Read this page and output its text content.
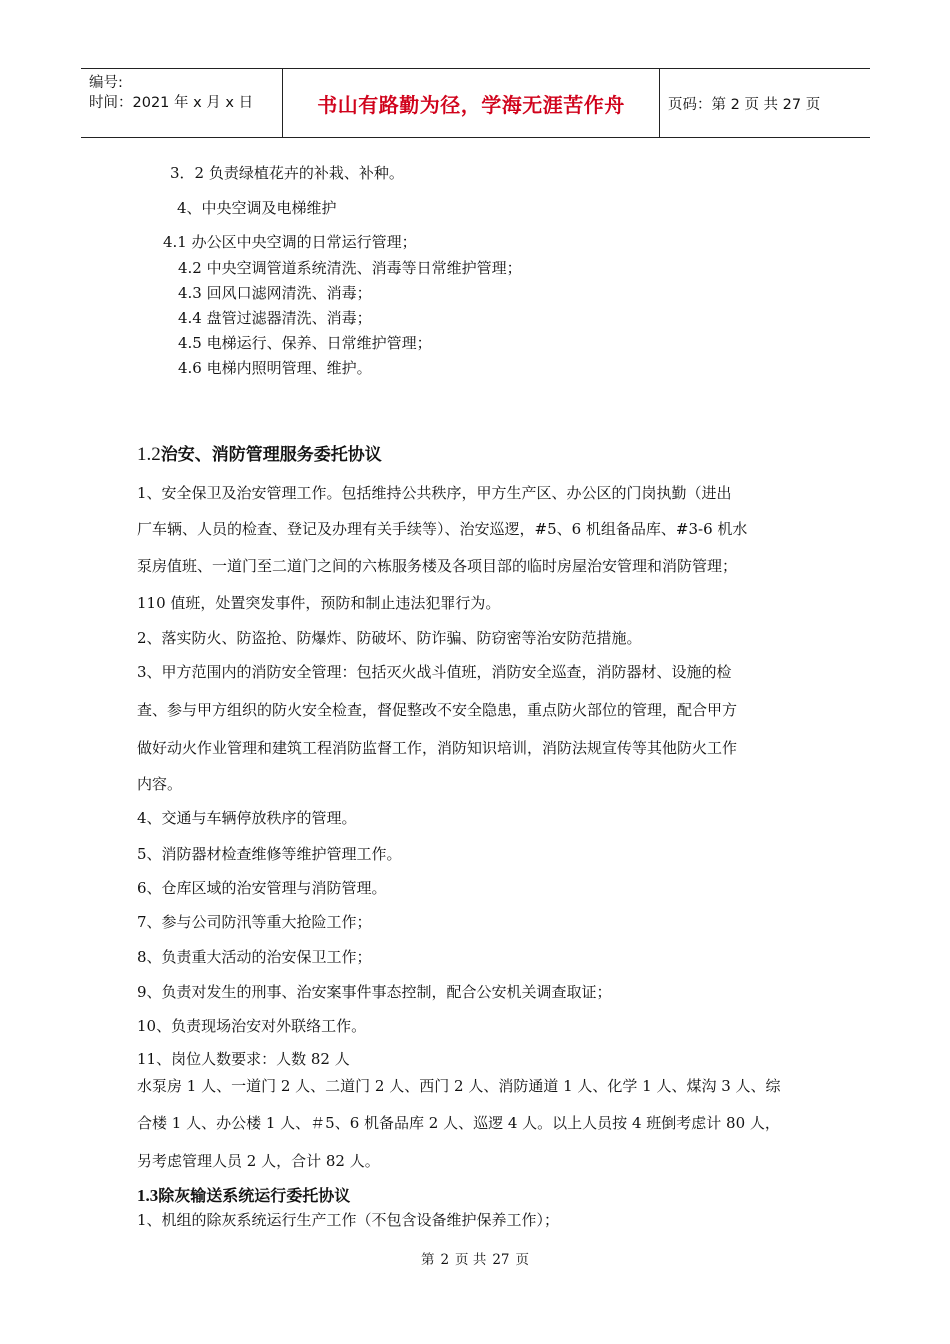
编号:
时间：2021 年 x 月 x 日	书山有路勤为径，学海无涯苦作舟	页码：第 2 页 共 27 页
3．2 负责绿植花卉的补栽、补种。
4、中央空调及电梯维护
4.1 办公区中央空调的日常运行管理；
4.2 中央空调管道系统清洗、消毒等日常维护管理；
4.3 回风口滤网清洗、消毒；
4.4 盘管过滤器清洗、消毒；
4.5 电梯运行、保养、日常维护管理；
4.6 电梯内照明管理、维护。
1.2治安、消防管理服务委托协议
1、安全保卫及治安管理工作。包括维持公共秩序，甲方生产区、办公区的门岗执勤（进出
厂车辆、人员的检查、登记及办理有关手续等）、治安巡逻，#5、6 机组备品库、#3-6 机水
泵房值班、一道门至二道门之间的六栋服务楼及各项目部的临时房屋治安管理和消防管理；
110 值班，处置突发事件，预防和制止违法犯罪行为。
2、落实防火、防盗抢、防爆炸、防破坏、防诈骗、防窃密等治安防范措施。
3、甲方范围内的消防安全管理：包括灭火战斗值班，消防安全巡查，消防器材、设施的检
查、参与甲方组织的防火安全检查，督促整改不安全隐患，重点防火部位的管理，配合甲方
做好动火作业管理和建筑工程消防监督工作，消防知识培训，消防法规宣传等其他防火工作
内容。
4、交通与车辆停放秩序的管理。
5、消防器材检查维修等维护管理工作。
6、仓库区域的治安管理与消防管理。
7、参与公司防汛等重大抢险工作；
8、负责重大活动的治安保卫工作；
9、负责对发生的刑事、治安案事件事态控制，配合公安机关调查取证；
10、负责现场治安对外联络工作。
11、岗位人数要求：人数 82 人
水泵房 1 人、一道门 2 人、二道门 2 人、西门 2 人、消防通道 1 人、化学 1 人、煤沟 3 人、综
合楼 1 人、办公楼 1 人、＃5、6 机备品库 2 人、巡逻 4 人。以上人员按 4 班倒考虑计 80 人，
另考虑管理人员 2 人，合计 82 人。
1.3除灰输送系统运行委托协议
1、机组的除灰系统运行生产工作（不包含设备维护保养工作）；
第 2 页 共 27 页
